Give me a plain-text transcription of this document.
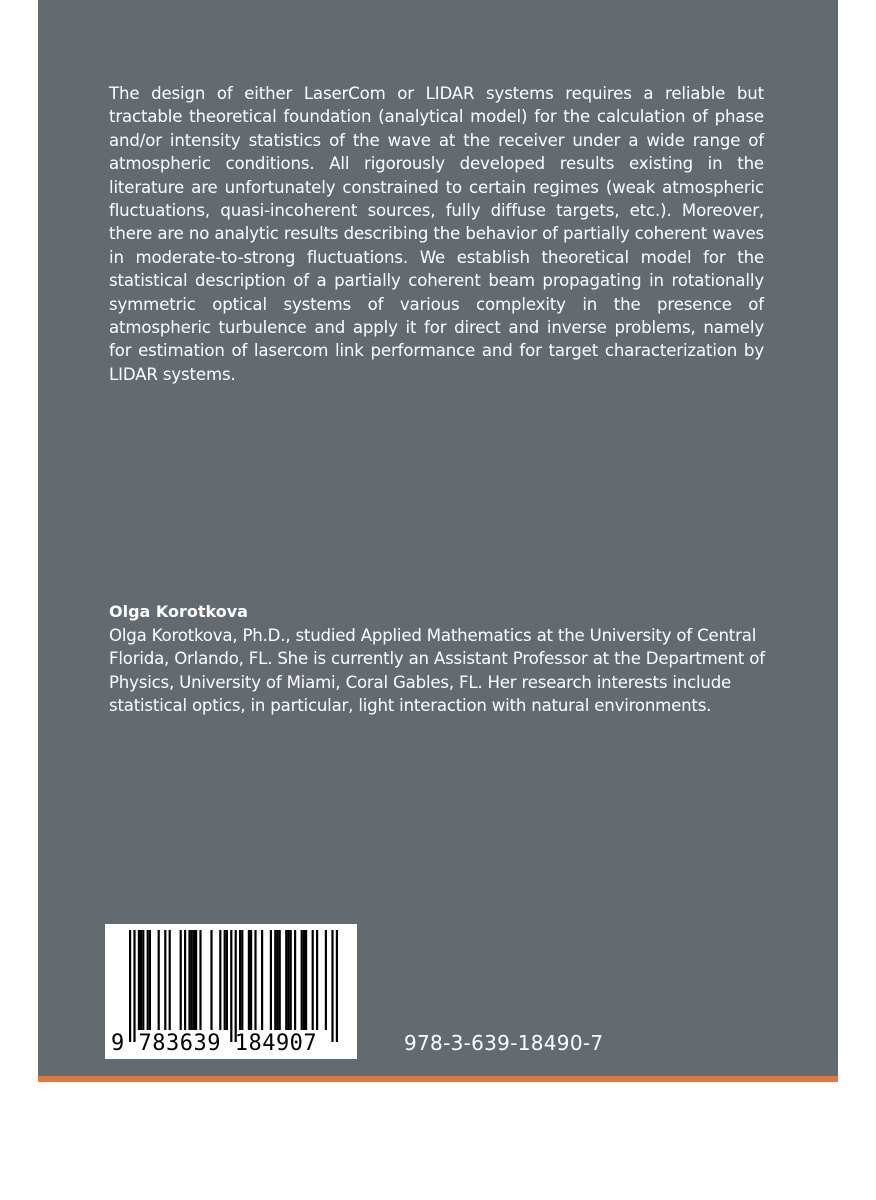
The design of either LaserCom or LIDAR systems requires a reliable but tractable theoretical foundation (analytical model) for the calculation of phase and/or intensity statistics of the wave at the receiver under a wide range of atmospheric conditions. All rigorously developed results existing in the literature are unfortunately constrained to certain regimes (weak atmospheric fluctuations, quasi-incoherent sources, fully diffuse targets, etc.). Moreover, there are no analytic results describing the behavior of partially coherent waves in moderate-to-strong fluctuations. We establish theoretical model for the statistical description of a partially coherent beam propagating in rotationally symmetric optical systems of various complexity in the presence of atmospheric turbulence and apply it for direct and inverse problems, namely for estimation of lasercom link performance and for target characterization by LIDAR systems.

Olga Korotkova

Olga Korotkova, Ph.D., studied Applied Mathematics at the University of Central Florida, Orlando, FL. She is currently an Assistant Professor at the Department of Physics, University of Miami, Coral Gables, FL. Her research interests include statistical optics, in particular, light interaction with natural environments.

9 783639 184907	978-3-639-18490-7
